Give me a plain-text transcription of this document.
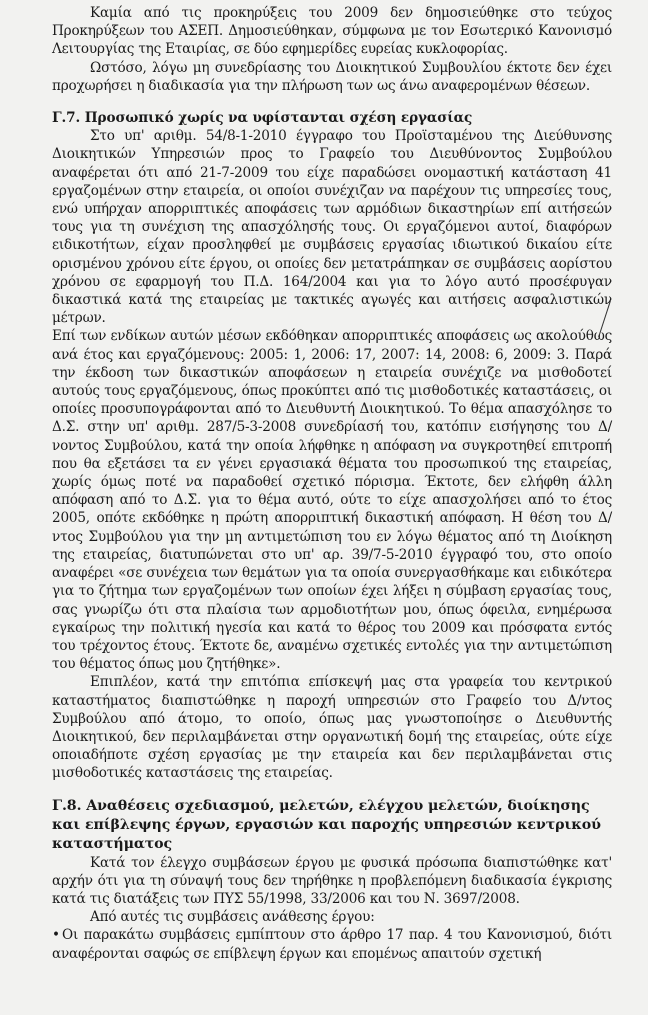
Καμία από τις προκηρύξεις του 2009 δεν δημοσιεύθηκε στο τεύχος Προκηρύξεων του ΑΣΕΠ. Δημοσιεύθηκαν, σύμφωνα με τον Εσωτερικό Κανονισμό Λειτουργίας της Εταιρίας, σε δύο εφημερίδες ευρείας κυκλοφορίας.

Ωστόσο, λόγω μη συνεδρίασης του Διοικητικού Συμβουλίου έκτοτε δεν έχει προχωρήσει η διαδικασία για την πλήρωση των ως άνω αναφερομένων θέσεων.

Γ.7. Προσωπικό χωρίς να υφίστανται σχέση εργασίας

Στο υπ' αριθμ. 54/8-1-2010 έγγραφο του Προϊσταμένου της Διεύθυνσης Διοικητικών Υπηρεσιών προς το Γραφείο του Διευθύνοντος Συμβούλου αναφέρεται ότι από 21-7-2009 του είχε παραδώσει ονομαστική κατάσταση 41 εργαζομένων στην εταιρεία, οι οποίοι συνέχιζαν να παρέχουν τις υπηρεσίες τους, ενώ υπήρχαν απορριπτικές αποφάσεις των αρμόδιων δικαστηρίων επί αιτήσεών τους για τη συνέχιση της απασχόλησής τους. Οι εργαζόμενοι αυτοί, διαφόρων ειδικοτήτων, είχαν προσληφθεί με συμβάσεις εργασίας ιδιωτικού δικαίου είτε ορισμένου χρόνου είτε έργου, οι οποίες δεν μετατράπηκαν σε συμβάσεις αορίστου χρόνου σε εφαρμογή του Π.Δ. 164/2004 και για το λόγο αυτό προσέφυγαν δικαστικά κατά της εταιρείας με τακτικές αγωγές και αιτήσεις ασφαλιστικών μέτρων.

Επί των ενδίκων αυτών μέσων εκδόθηκαν απορριπτικές αποφάσεις ως ακολούθως ανά έτος και εργαζόμενους: 2005: 1, 2006: 17, 2007: 14, 2008: 6, 2009: 3. Παρά την έκδοση των δικαστικών αποφάσεων η εταιρεία συνέχιζε να μισθοδοτεί αυτούς τους εργαζόμενους, όπως προκύπτει από τις μισθοδοτικές καταστάσεις, οι οποίες προσυπογράφονται από το Διευθυντή Διοικητικού. Το θέμα απασχόλησε το Δ.Σ. στην υπ' αριθμ. 287/5-3-2008 συνεδρίασή του, κατόπιν εισήγησης του Δ/νοντος Συμβούλου, κατά την οποία λήφθηκε η απόφαση να συγκροτηθεί επιτροπή που θα εξετάσει τα εν γένει εργασιακά θέματα του προσωπικού της εταιρείας, χωρίς όμως ποτέ να παραδοθεί σχετικό πόρισμα. Έκτοτε, δεν ελήφθη άλλη απόφαση από το Δ.Σ. για το θέμα αυτό, ούτε το είχε απασχολήσει από το έτος 2005, οπότε εκδόθηκε η πρώτη απορριπτική δικαστική απόφαση. Η θέση του Δ/ντος Συμβούλου για την μη αντιμετώπιση του εν λόγω θέματος από τη Διοίκηση της εταιρείας, διατυπώνεται στο υπ' αρ. 39/7-5-2010 έγγραφό του, στο οποίο αναφέρει «σε συνέχεια των θεμάτων για τα οποία συνεργασθήκαμε και ειδικότερα για το ζήτημα των εργαζομένων των οποίων έχει λήξει η σύμβαση εργασίας τους, σας γνωρίζω ότι στα πλαίσια των αρμοδιοτήτων μου, όπως όφειλα, ενημέρωσα εγκαίρως την πολιτική ηγεσία και κατά το θέρος του 2009 και πρόσφατα εντός του τρέχοντος έτους. Έκτοτε δε, αναμένω σχετικές εντολές για την αντιμετώπιση του θέματος όπως μου ζητήθηκε».

Επιπλέον, κατά την επιτόπια επίσκεψή μας στα γραφεία του κεντρικού καταστήματος διαπιστώθηκε η παροχή υπηρεσιών στο Γραφείο του Δ/ντος Συμβούλου από άτομο, το οποίο, όπως μας γνωστοποίησε ο Διευθυντής Διοικητικού, δεν περιλαμβάνεται στην οργανωτική δομή της εταιρείας, ούτε είχε οποιαδήποτε σχέση εργασίας με την εταιρεία και δεν περιλαμβάνεται στις μισθοδοτικές καταστάσεις της εταιρείας.

Γ.8. Αναθέσεις σχεδιασμού, μελετών, ελέγχου μελετών, διοίκησης και επίβλεψης έργων, εργασιών και παροχής υπηρεσιών κεντρικού καταστήματος

Κατά τον έλεγχο συμβάσεων έργου με φυσικά πρόσωπα διαπιστώθηκε κατ' αρχήν ότι για τη σύναψή τους δεν τηρήθηκε η προβλεπόμενη διαδικασία έγκρισης κατά τις διατάξεις των ΠΥΣ 55/1998, 33/2006 και του Ν. 3697/2008.

Από αυτές τις συμβάσεις ανάθεσης έργου:

• Οι παρακάτω συμβάσεις εμπίπτουν στο άρθρο 17 παρ. 4 του Κανονισμού, διότι αναφέρονται σαφώς σε επίβλεψη έργων και επομένως απαιτούν σχετική
